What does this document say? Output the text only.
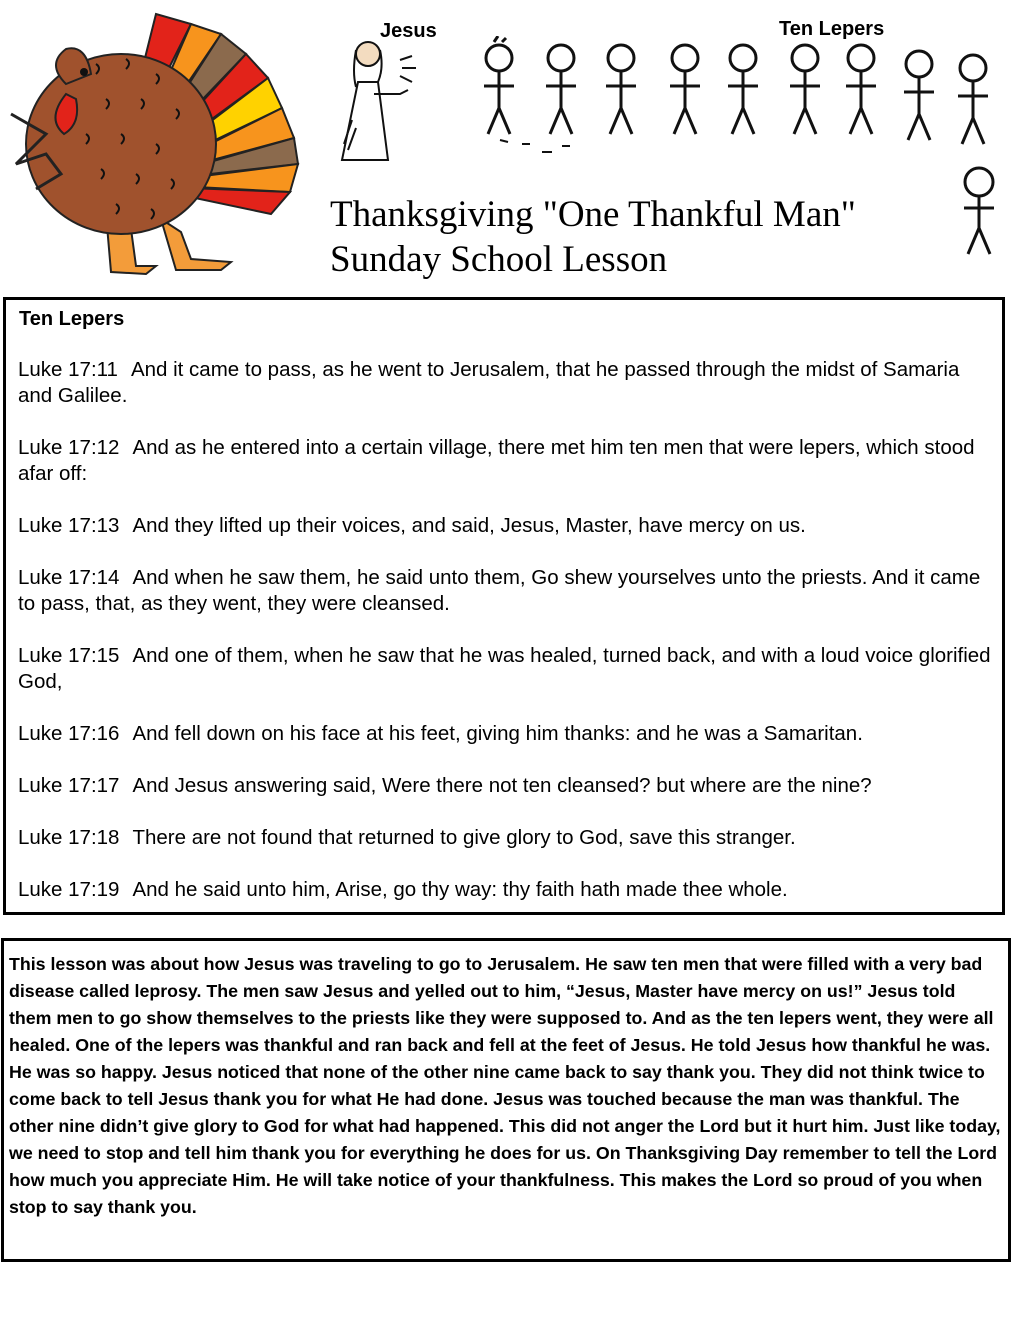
Jesus	Ten Lepers
Thanksgiving "One Thankful Man"
Sunday School Lesson
Ten Lepers
Luke 17:11 And it came to pass, as he went to Jerusalem, that he passed through the midst of Samaria and Galilee.
Luke 17:12 And as he entered into a certain village, there met him ten men that were lepers, which stood afar off:
Luke 17:13 And they lifted up their voices, and said, Jesus, Master, have mercy on us.
Luke 17:14 And when he saw them, he said unto them, Go shew yourselves unto the priests. And it came to pass, that, as they went, they were cleansed.
Luke 17:15 And one of them, when he saw that he was healed, turned back, and with a loud voice glorified God,
Luke 17:16 And fell down on his face at his feet, giving him thanks: and he was a Samaritan.
Luke 17:17 And Jesus answering said, Were there not ten cleansed? but where are the nine?
Luke 17:18 There are not found that returned to give glory to God, save this stranger.
Luke 17:19 And he said unto him, Arise, go thy way: thy faith hath made thee whole.
This lesson was about how Jesus was traveling to go to Jerusalem. He saw ten men that were filled with a very bad disease called leprosy. The men saw Jesus and yelled out to him, “Jesus, Master have mercy on us!” Jesus told them men to go show themselves to the priests like they were supposed to. And as the ten lepers went, they were all healed. One of the lepers was thankful and ran back and fell at the feet of Jesus. He told Jesus how thankful he was. He was so happy. Jesus noticed that none of the other nine came back to say thank you. They did not think twice to come back to tell Jesus thank you for what He had done. Jesus was touched because the man was thankful. The other nine didn’t give glory to God for what had happened. This did not anger the Lord but it hurt him. Just like today, we need to stop and tell him thank you for everything he does for us. On Thanksgiving Day remember to tell the Lord how much you appreciate Him. He will take notice of your thankfulness. This makes the Lord so proud of you when stop to say thank you.
